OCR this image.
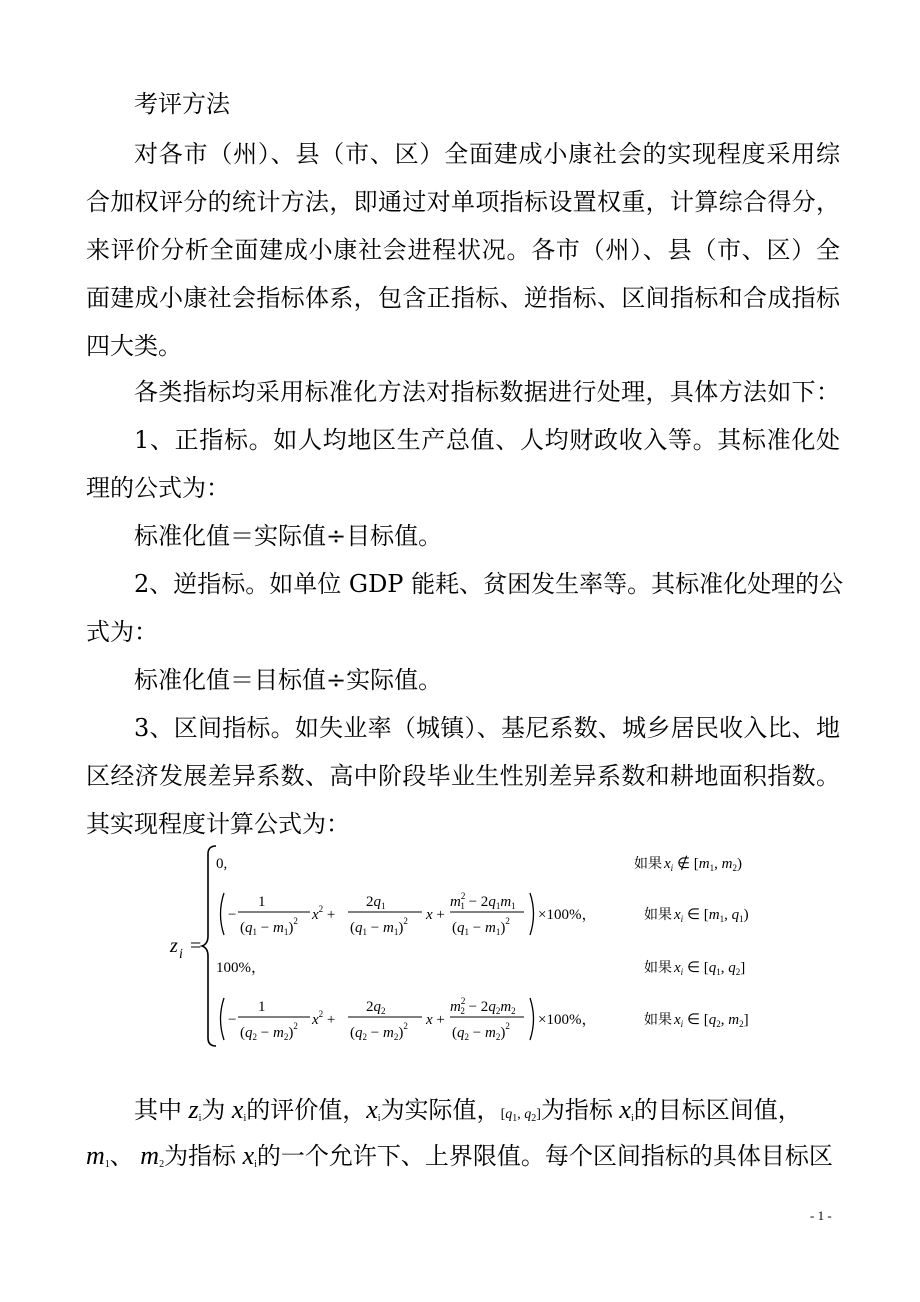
考评方法

对各市（州）、县（市、区）全面建成小康社会的实现程度采用综

合加权评分的统计方法，即通过对单项指标设置权重，计算综合得分，

来评价分析全面建成小康社会进程状况。各市（州）、县（市、区）全

面建成小康社会指标体系，包含正指标、逆指标、区间指标和合成指标

四大类。

各类指标均采用标准化方法对指标数据进行处理，具体方法如下：

1、正指标。如人均地区生产总值、人均财政收入等。其标准化处

理的公式为：

标准化值＝实际值÷目标值。

2、逆指标。如单位 GDP 能耗、贫困发生率等。其标准化处理的公

式为：

标准化值＝目标值÷实际值。

3、区间指标。如失业率（城镇）、基尼系数、城乡居民收入比、地

区经济发展差异系数、高中阶段毕业生性别差异系数和耕地面积指数。

其实现程度计算公式为：

z i =
0,	如果 $x_i$ ∉ [$m_1$, $m_2$)
−
1
$(q_1 - m_1)^2$ $x^2$ +
$2q_1$
$(q_1 - m_1)^2$ x +
$m^2$ $1 - 2q_1m_1$
$(q_1 - m_1)^2 \times 100\%$，	如果 $x_i$ ∈ [$m_1$, $q_1$)
100%，	如果 $x_i$ ∈ [$q_1$, $q_2$]
−
1
$(q_2 - m_2)^2$ $x^2$ +
$2q_2$
$(q_2 - m_2)^2$ x +
$m^2$ $2 - 2q_2m_2$
$(q_2 - m_2)^2 \times 100\%$，	如果 $x_i$ ∈ [$q_2$, $m_2$]

其中 $z_i$为 $x_i$的评价值，$x_i$为实际值，[$q_1$, $q_2$]为指标 $x_i$的目标区间值，

$m_1$、 $m_2$为指标 $x_i$的一个允许下、上界限值。每个区间指标的具体目标区

- 1 -
